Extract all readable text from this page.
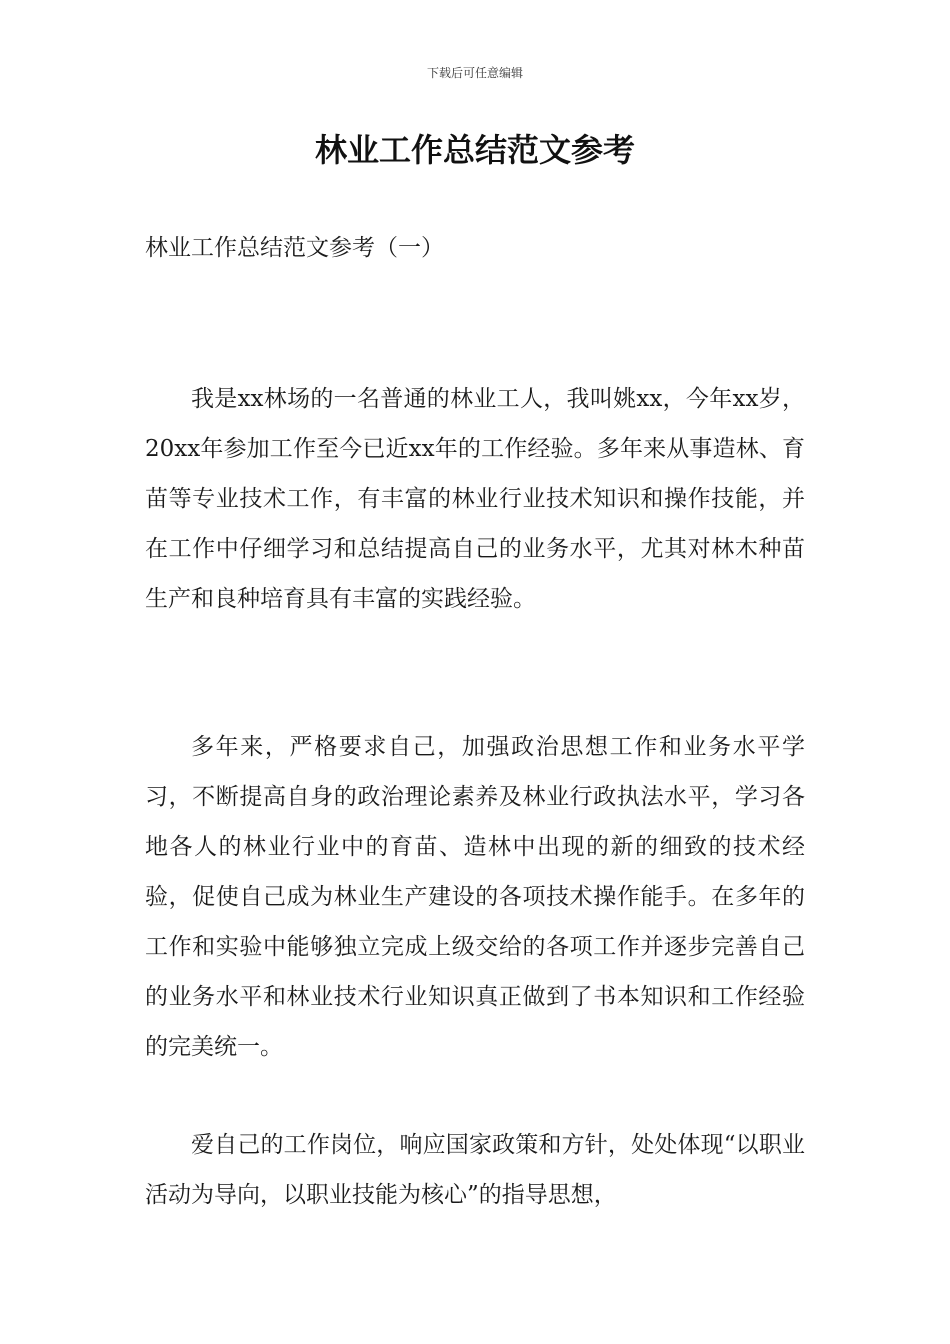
下载后可任意编辑
林业工作总结范文参考
林业工作总结范文参考（一）

我是xx林场的一名普通的林业工人，我叫姚xx，今年xx岁，20xx年参加工作至今已近xx年的工作经验。多年来从事造林、育苗等专业技术工作，有丰富的林业行业技术知识和操作技能，并在工作中仔细学习和总结提高自己的业务水平，尤其对林木种苗生产和良种培育具有丰富的实践经验。

多年来，严格要求自己，加强政治思想工作和业务水平学习，不断提高自身的政治理论素养及林业行政执法水平，学习各地各人的林业行业中的育苗、造林中出现的新的细致的技术经验，促使自己成为林业生产建设的各项技术操作能手。在多年的工作和实验中能够独立完成上级交给的各项工作并逐步完善自己的业务水平和林业技术行业知识真正做到了书本知识和工作经验的完美统一。

爱自己的工作岗位，响应国家政策和方针，处处体现“以职业活动为导向，以职业技能为核心”的指导思想，
